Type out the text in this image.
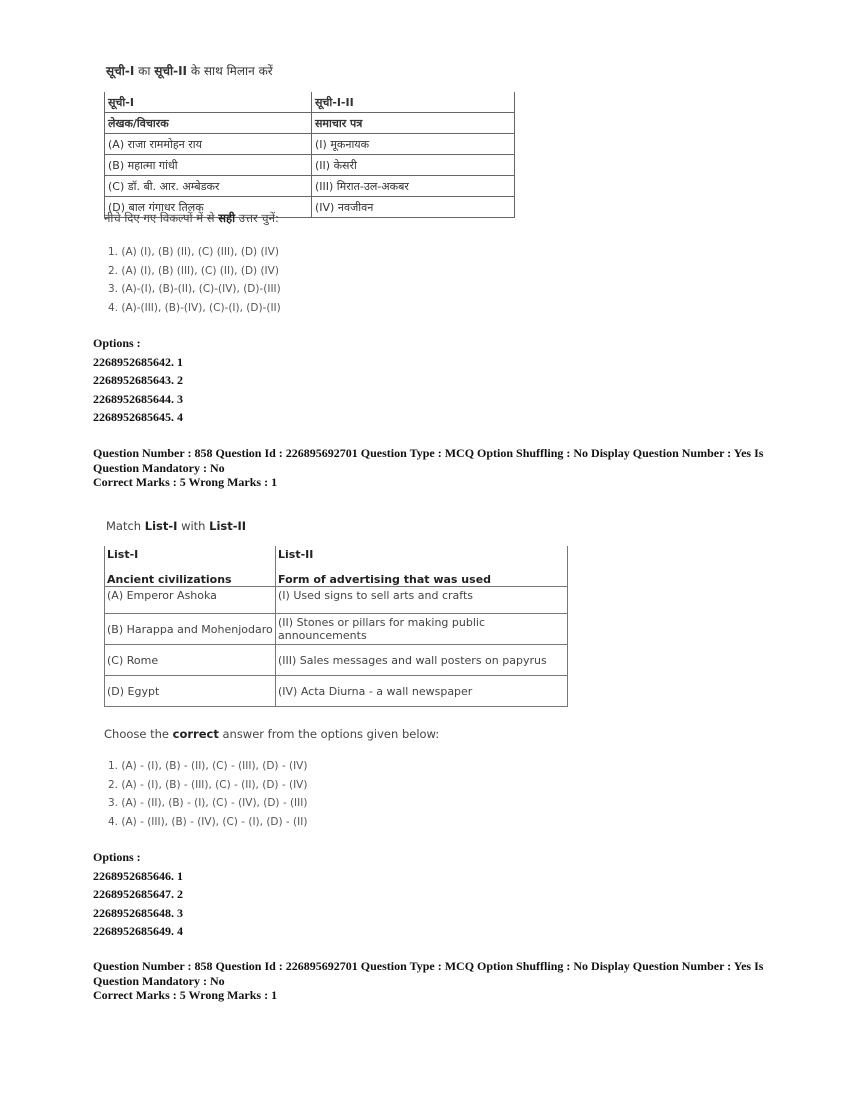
सूची-I का सूची-II के साथ मिलान करें
सूची-I	सूची-I-II
लेखक/विचारक	समाचार पत्र
(A) राजा राममोहन राय	(I) मूकनायक
(B) महात्मा गांधी	(II) केसरी
(C) डॉ. बी. आर. अम्बेडकर	(III) मिरात-उल-अकबर
(D) बाल गंगाधर तिलक	(IV) नवजीवन
नीचे दिए गए विकल्पों में से सही उत्तर चुनें:
1. (A) (I), (B) (II), (C) (III), (D) (IV)
2. (A) (I), (B) (III), (C) (II), (D) (IV)
3. (A)-(I), (B)-(II), (C)-(IV), (D)-(III)
4. (A)-(III), (B)-(IV), (C)-(I), (D)-(II)
Options :
2268952685642. 1
2268952685643. 2
2268952685644. 3
2268952685645. 4
Question Number : 858 Question Id : 226895692701 Question Type : MCQ Option Shuffling : No Display Question Number : Yes Is Question Mandatory : No
Correct Marks : 5 Wrong Marks : 1
Match List-I with List-II
List-I	List-II
Ancient civilizations	Form of advertising that was used
(A) Emperor Ashoka	(I) Used signs to sell arts and crafts
(B) Harappa and Mohenjodaro	(II) Stones or pillars for making public announcements
(C) Rome	(III) Sales messages and wall posters on papyrus
(D) Egypt	(IV) Acta Diurna - a wall newspaper
Choose the correct answer from the options given below:
1. (A) - (I), (B) - (II), (C) - (III), (D) - (IV)
2. (A) - (I), (B) - (III), (C) - (II), (D) - (IV)
3. (A) - (II), (B) - (I), (C) - (IV), (D) - (III)
4. (A) - (III), (B) - (IV), (C) - (I), (D) - (II)
Options :
2268952685646. 1
2268952685647. 2
2268952685648. 3
2268952685649. 4
Question Number : 858 Question Id : 226895692701 Question Type : MCQ Option Shuffling : No Display Question Number : Yes Is Question Mandatory : No
Correct Marks : 5 Wrong Marks : 1
